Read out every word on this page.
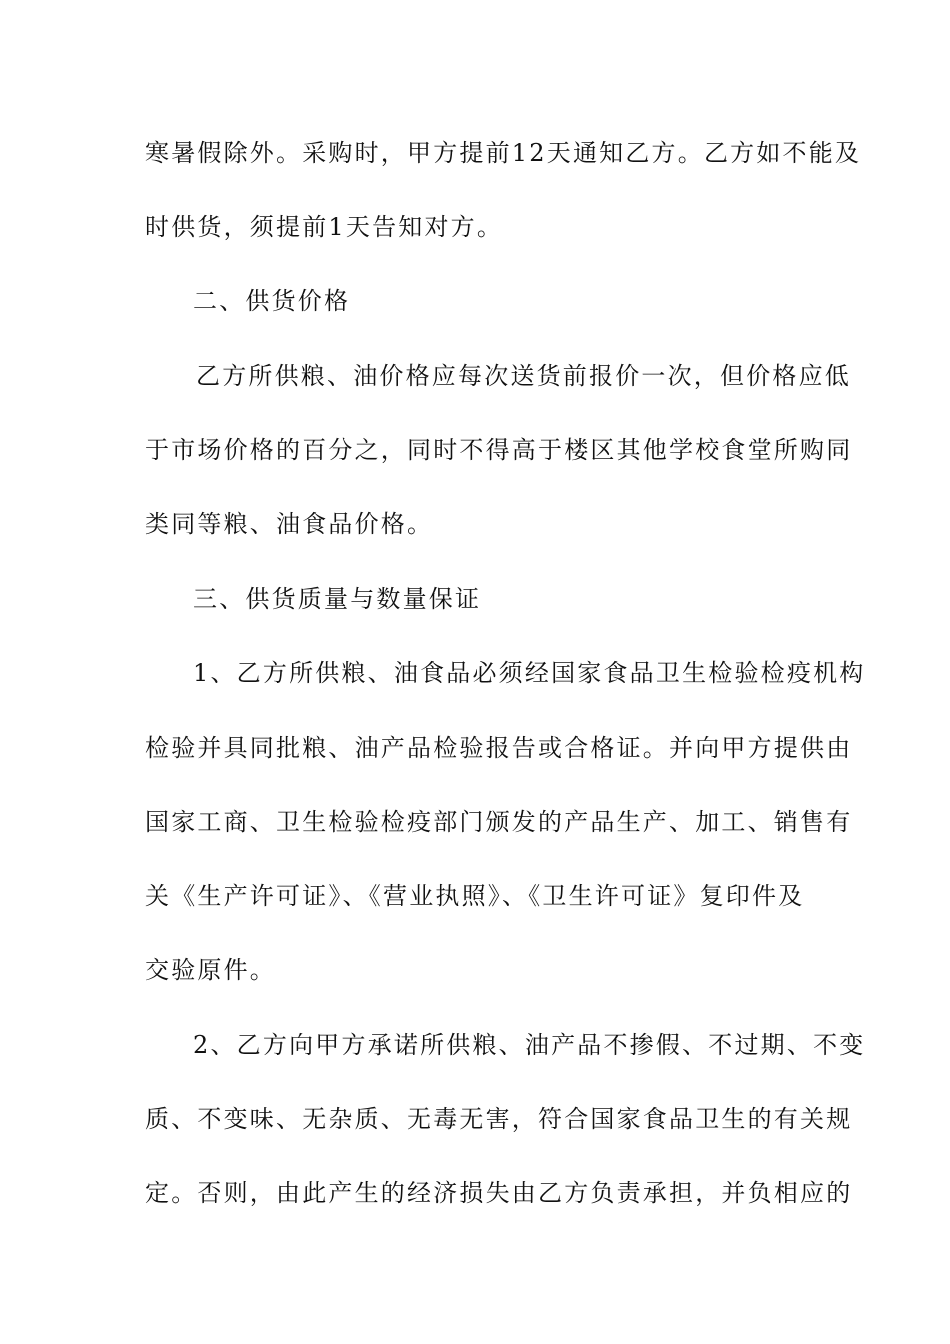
寒暑假除外。采购时，甲方提前12天通知乙方。乙方如不能及
时供货，须提前1天告知对方。
二、供货价格
乙方所供粮、油价格应每次送货前报价一次，但价格应低
于市场价格的百分之，同时不得高于楼区其他学校食堂所购同
类同等粮、油食品价格。
三、供货质量与数量保证
1、乙方所供粮、油食品必须经国家食品卫生检验检疫机构
检验并具同批粮、油产品检验报告或合格证。并向甲方提供由
国家工商、卫生检验检疫部门颁发的产品生产、加工、销售有
关《生产许可证》、《营业执照》、《卫生许可证》复印件及
交验原件。
2、乙方向甲方承诺所供粮、油产品不掺假、不过期、不变
质、不变味、无杂质、无毒无害，符合国家食品卫生的有关规
定。否则，由此产生的经济损失由乙方负责承担，并负相应的
